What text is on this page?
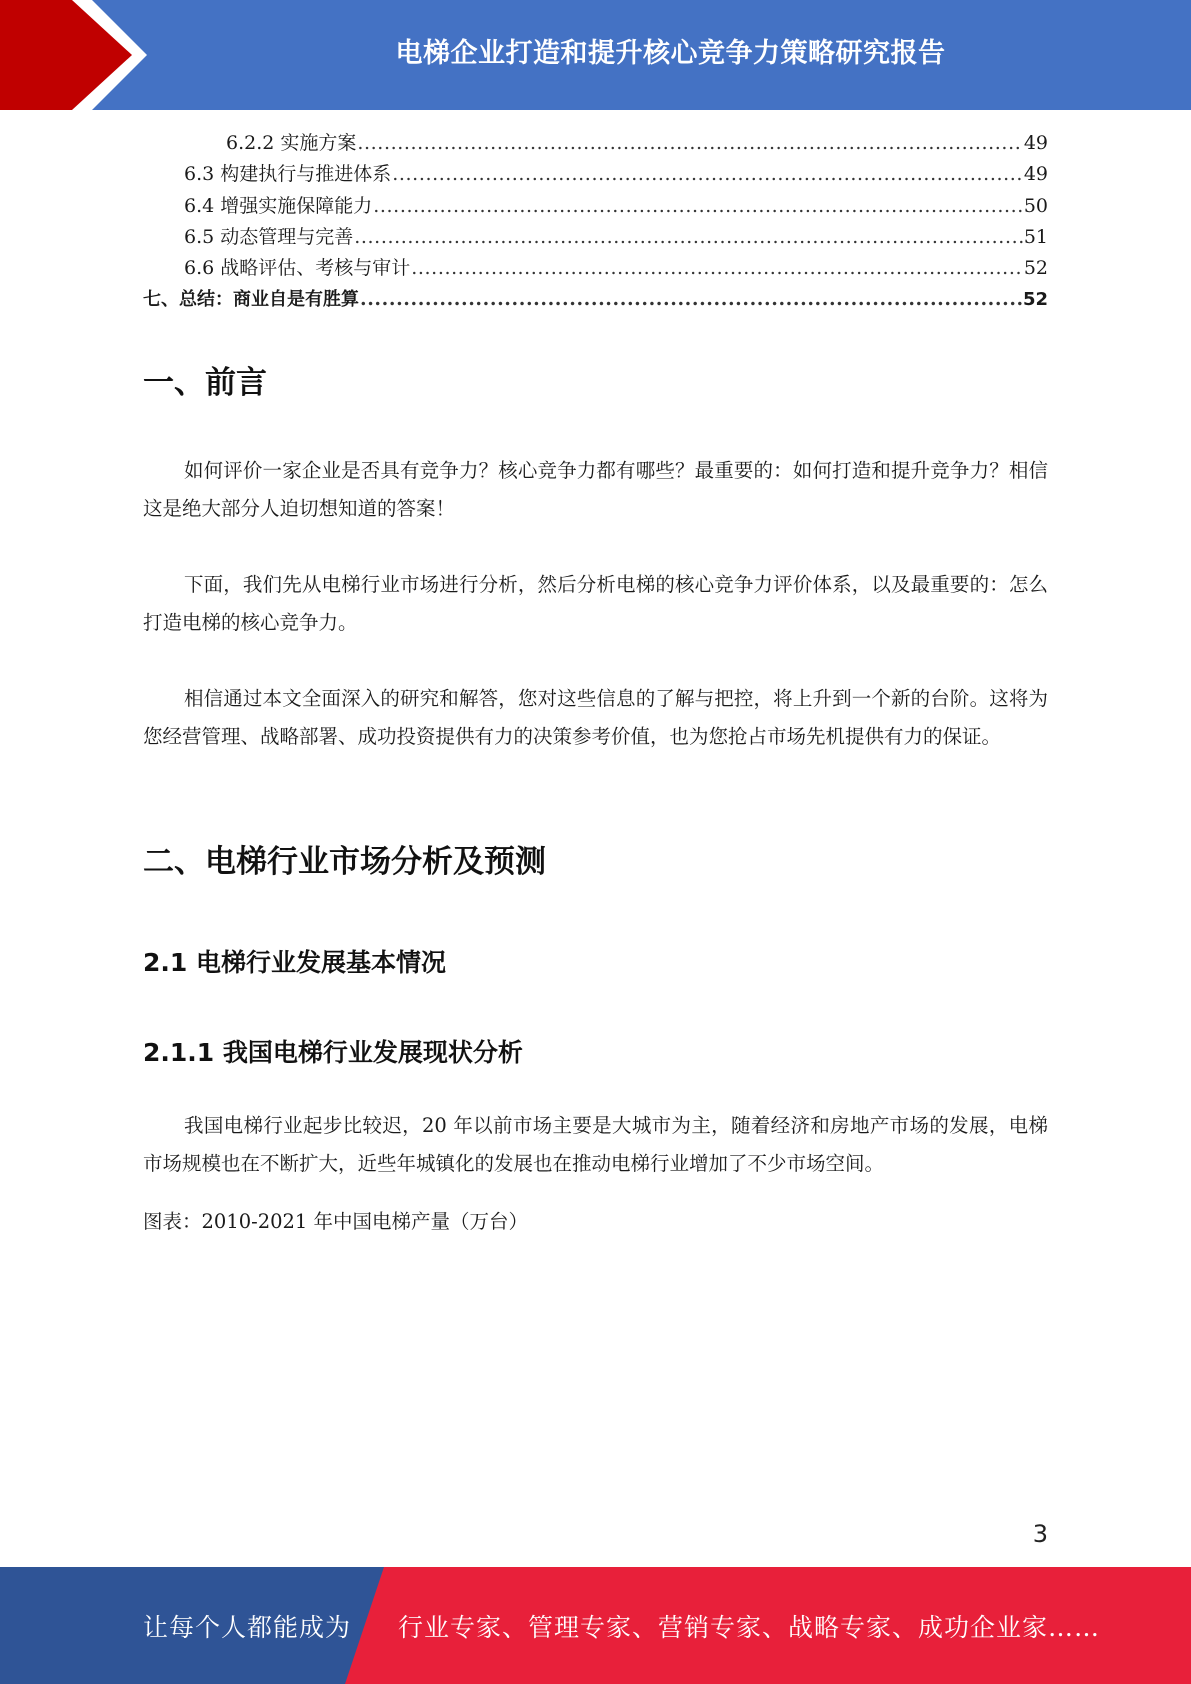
电梯企业打造和提升核心竞争力策略研究报告
6.2.2 实施方案 .....	49
6.3 构建执行与推进体系 .....	49
6.4 增强实施保障能力 .....	50
6.5 动态管理与完善 .....	51
6.6 战略评估、考核与审计 .....	52
七、总结：商业自是有胜算 .....	52
一、前言

如何评价一家企业是否具有竞争力？核心竞争力都有哪些？最重要的：如何打造和提升竞争力？相信这是绝大部分人迫切想知道的答案！

下面，我们先从电梯行业市场进行分析，然后分析电梯的核心竞争力评价体系，以及最重要的：怎么打造电梯的核心竞争力。

相信通过本文全面深入的研究和解答，您对这些信息的了解与把控，将上升到一个新的台阶。这将为您经营管理、战略部署、成功投资提供有力的决策参考价值，也为您抢占市场先机提供有力的保证。

二、电梯行业市场分析及预测
2.1 电梯行业发展基本情况
2.1.1 我国电梯行业发展现状分析

我国电梯行业起步比较迟，20 年以前市场主要是大城市为主，随着经济和房地产市场的发展，电梯市场规模也在不断扩大，近些年城镇化的发展也在推动电梯行业增加了不少市场空间。

图表：2010-2021 年中国电梯产量（万台）

3
让每个人都能成为 行业专家、管理专家、营销专家、战略专家、成功企业家……
